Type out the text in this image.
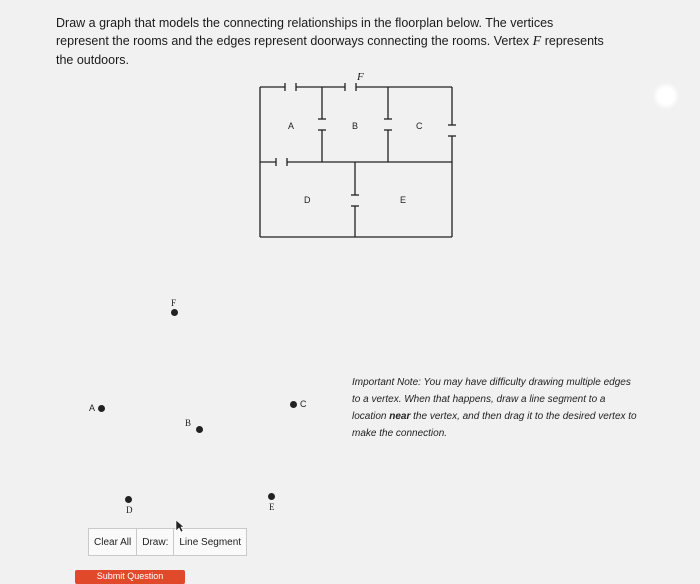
Draw a graph that models the connecting relationships in the floorplan below. The vertices
represent the rooms and the edges represent doorways connecting the rooms. Vertex F represents
the outdoors.
F
A	B	C
D	E
F
A	C
B
D	E
Important Note: You may have difficulty drawing multiple edges to a vertex. When that happens, draw a line segment to a location near the vertex, and then drag it to the desired vertex to make the connection.
Clear All	Draw:	Line Segment
Submit Question
